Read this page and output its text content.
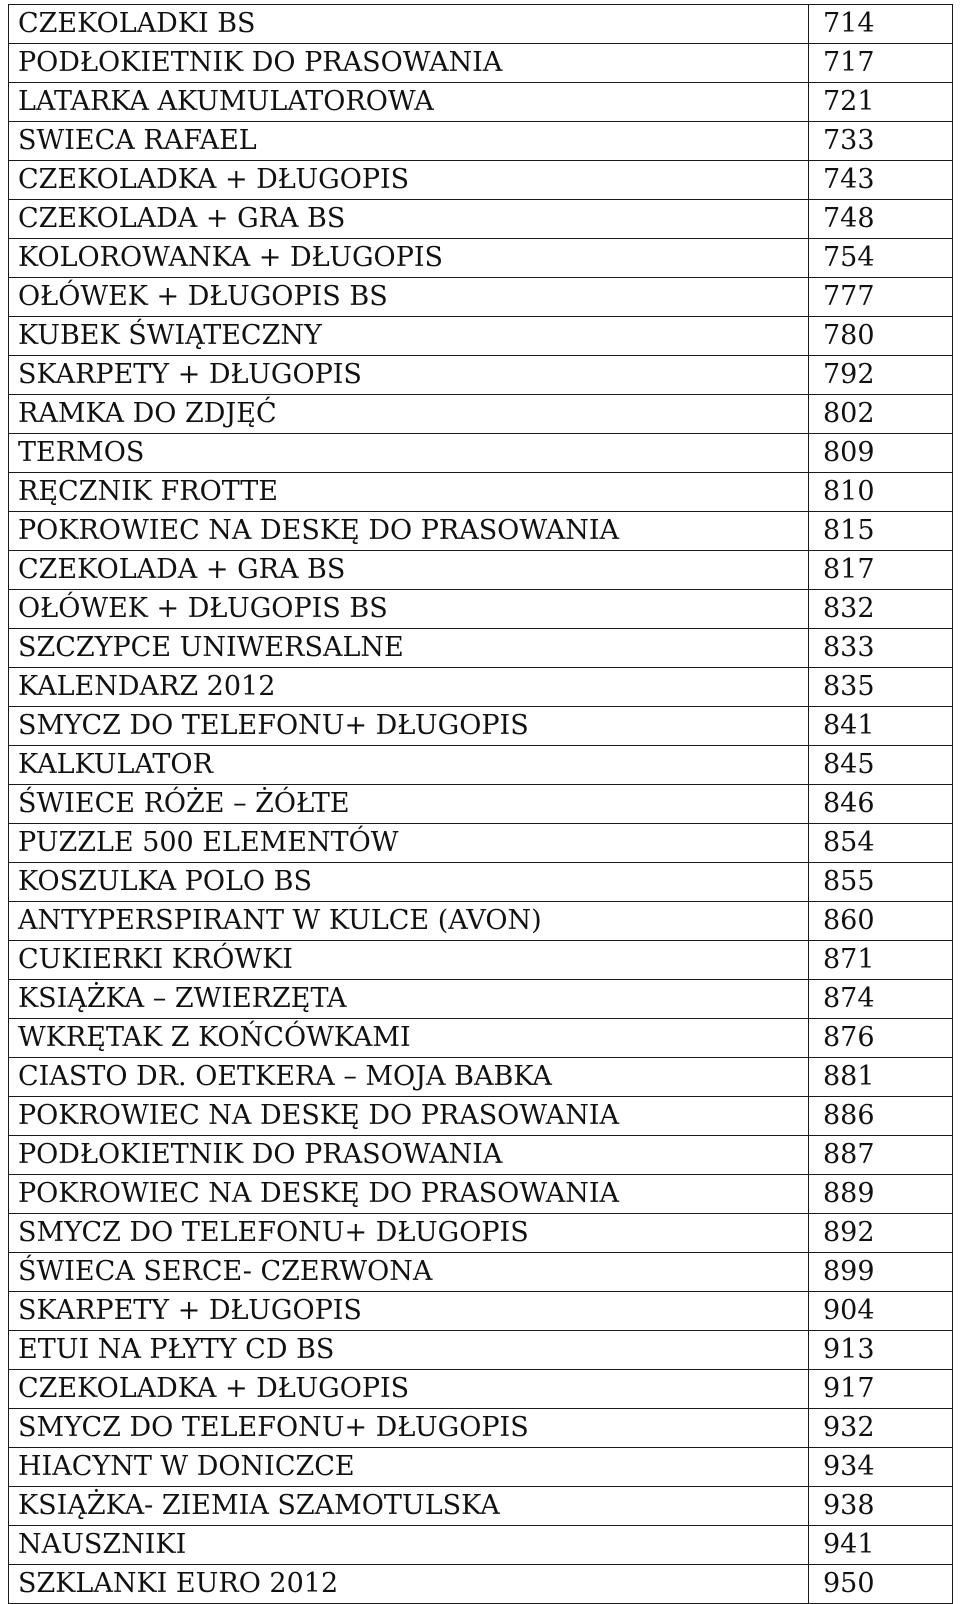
CZEKOLADKI BS	714
PODŁOKIETNIK DO PRASOWANIA	717
LATARKA AKUMULATOROWA	721
SWIECA RAFAEL	733
CZEKOLADKA + DŁUGOPIS	743
CZEKOLADA + GRA BS	748
KOLOROWANKA + DŁUGOPIS	754
OŁÓWEK + DŁUGOPIS BS	777
KUBEK ŚWIĄTECZNY	780
SKARPETY + DŁUGOPIS	792
RAMKA DO ZDJĘĆ	802
TERMOS	809
RĘCZNIK FROTTE	810
POKROWIEC NA DESKĘ DO PRASOWANIA	815
CZEKOLADA + GRA BS	817
OŁÓWEK + DŁUGOPIS BS	832
SZCZYPCE UNIWERSALNE	833
KALENDARZ 2012	835
SMYCZ DO TELEFONU+ DŁUGOPIS	841
KALKULATOR	845
ŚWIECE RÓŻE – ŻÓŁTE	846
PUZZLE 500 ELEMENTÓW	854
KOSZULKA POLO BS	855
ANTYPERSPIRANT W KULCE (AVON)	860
CUKIERKI KRÓWKI	871
KSIĄŻKA – ZWIERZĘTA	874
WKRĘTAK Z KOŃCÓWKAMI	876
CIASTO DR. OETKERA – MOJA BABKA	881
POKROWIEC NA DESKĘ DO PRASOWANIA	886
PODŁOKIETNIK DO PRASOWANIA	887
POKROWIEC NA DESKĘ DO PRASOWANIA	889
SMYCZ DO TELEFONU+ DŁUGOPIS	892
ŚWIECA SERCE- CZERWONA	899
SKARPETY + DŁUGOPIS	904
ETUI NA PŁYTY CD BS	913
CZEKOLADKA + DŁUGOPIS	917
SMYCZ DO TELEFONU+ DŁUGOPIS	932
HIACYNT W DONICZCE	934
KSIĄŻKA- ZIEMIA SZAMOTULSKA	938
NAUSZNIKI	941
SZKLANKI EURO 2012	950
